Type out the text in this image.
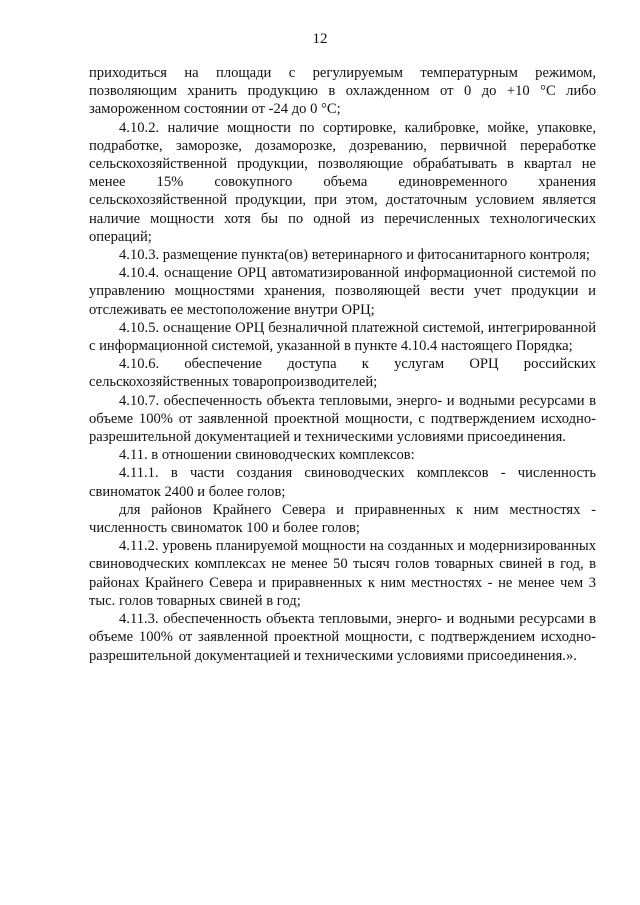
12

приходиться на площади с регулируемым температурным режимом, позволяющим хранить продукцию в охлажденном от 0 до +10 °С либо замороженном состоянии от -24 до 0 °С;

4.10.2. наличие мощности по сортировке, калибровке, мойке, упаковке, подработке, заморозке, дозаморозке, дозреванию, первичной переработке сельскохозяйственной продукции, позволяющие обрабатывать в квартал не менее 15% совокупного объема единовременного хранения сельскохозяйственной продукции, при этом, достаточным условием является наличие мощности хотя бы по одной из перечисленных технологических операций;

4.10.3. размещение пункта(ов) ветеринарного и фитосанитарного контроля;

4.10.4. оснащение ОРЦ автоматизированной информационной системой по управлению мощностями хранения, позволяющей вести учет продукции и отслеживать ее местоположение внутри ОРЦ;

4.10.5. оснащение ОРЦ безналичной платежной системой, интегрированной с информационной системой, указанной в пункте 4.10.4 настоящего Порядка;

4.10.6. обеспечение доступа к услугам ОРЦ российских сельскохозяйственных товаропроизводителей;

4.10.7. обеспеченность объекта тепловыми, энерго- и водными ресурсами в объеме 100% от заявленной проектной мощности, с подтверждением исходно-разрешительной документацией и техническими условиями присоединения.

4.11. в отношении свиноводческих комплексов:

4.11.1. в части создания свиноводческих комплексов - численность свиноматок 2400 и более голов;

для районов Крайнего Севера и приравненных к ним местностях - численность свиноматок 100 и более голов;

4.11.2. уровень планируемой мощности на созданных и модернизированных свиноводческих комплексах не менее 50 тысяч голов товарных свиней в год, в районах Крайнего Севера и приравненных к ним местностях - не менее чем 3 тыс. голов товарных свиней в год;

4.11.3. обеспеченность объекта тепловыми, энерго- и водными ресурсами в объеме 100% от заявленной проектной мощности, с подтверждением исходно-разрешительной документацией и техническими условиями присоединения.».
